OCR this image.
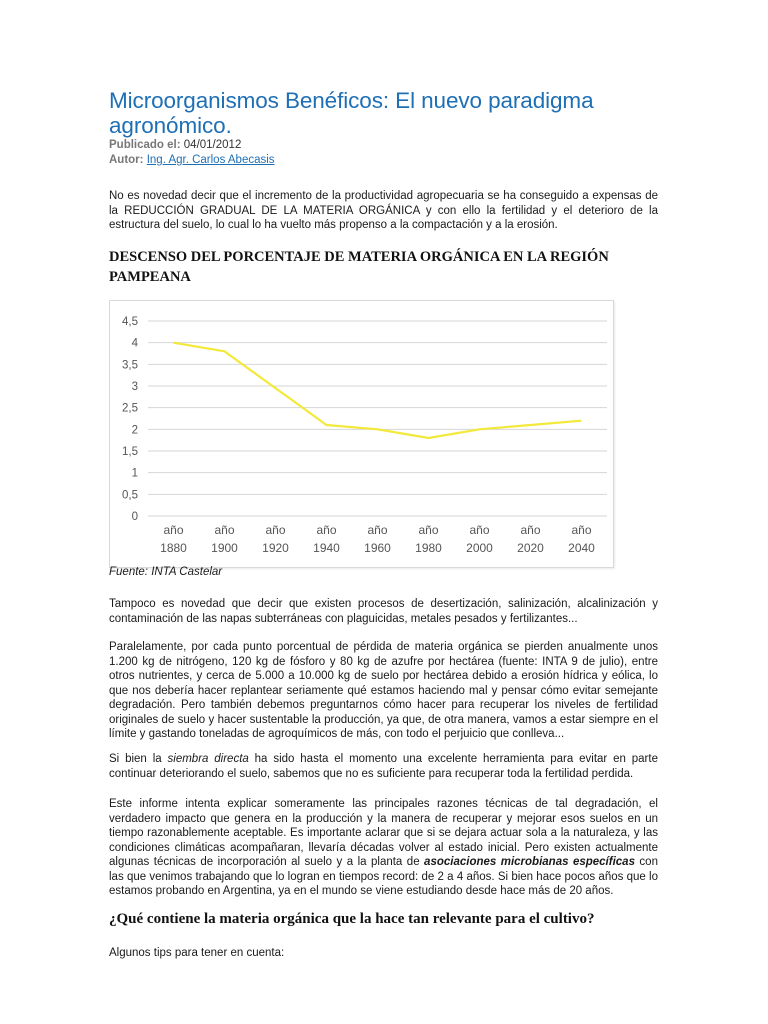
Microorganismos Benéficos: El nuevo paradigma agronómico.

Publicado el: 04/01/2012

Autor: Ing. Agr. Carlos Abecasis

No es novedad decir que el incremento de la productividad agropecuaria se ha conseguido a expensas de la REDUCCIÓN GRADUAL DE LA MATERIA ORGÁNICA y con ello la fertilidad y el deterioro de la estructura del suelo, lo cual lo ha vuelto más propenso a la compactación y a la erosión.

DESCENSO DEL PORCENTAJE DE MATERIA ORGÁNICA EN LA REGIÓN PAMPEANA
0
0,5
1
1,5
2
2,5
3
3,5
4
4,5
año
1880
año
1900
año
1920
año
1940
año
1960
año
1980
año
2000
año
2020
año
2040
Fuente: INTA Castelar

Tampoco es novedad que decir que existen procesos de desertización, salinización, alcalinización y contaminación de las napas subterráneas con plaguicidas, metales pesados y fertilizantes...

Paralelamente, por cada punto porcentual de pérdida de materia orgánica se pierden anualmente unos 1.200 kg de nitrógeno, 120 kg de fósforo y 80 kg de azufre por hectárea (fuente: INTA 9 de julio), entre otros nutrientes, y cerca de 5.000 a 10.000 kg de suelo por hectárea debido a erosión hídrica y eólica, lo que nos debería hacer replantear seriamente qué estamos haciendo mal y pensar cómo evitar semejante degradación. Pero también debemos preguntarnos cómo hacer para recuperar los niveles de fertilidad originales de suelo y hacer sustentable la producción, ya que, de otra manera, vamos a estar siempre en el límite y gastando toneladas de agroquímicos de más, con todo el perjuicio que conlleva...

Si bien la siembra directa ha sido hasta el momento una excelente herramienta para evitar en parte continuar deteriorando el suelo, sabemos que no es suficiente para recuperar toda la fertilidad perdida.

Este informe intenta explicar someramente las principales razones técnicas de tal degradación, el verdadero impacto que genera en la producción y la manera de recuperar y mejorar esos suelos en un tiempo razonablemente aceptable. Es importante aclarar que si se dejara actuar sola a la naturaleza, y las condiciones climáticas acompañaran, llevaría décadas volver al estado inicial. Pero existen actualmente algunas técnicas de incorporación al suelo y a la planta de asociaciones microbianas específicas con las que venimos trabajando que lo logran en tiempos record: de 2 a 4 años. Si bien hace pocos años que lo estamos probando en Argentina, ya en el mundo se viene estudiando desde hace más de 20 años.

¿Qué contiene la materia orgánica que la hace tan relevante para el cultivo?

Algunos tips para tener en cuenta:
